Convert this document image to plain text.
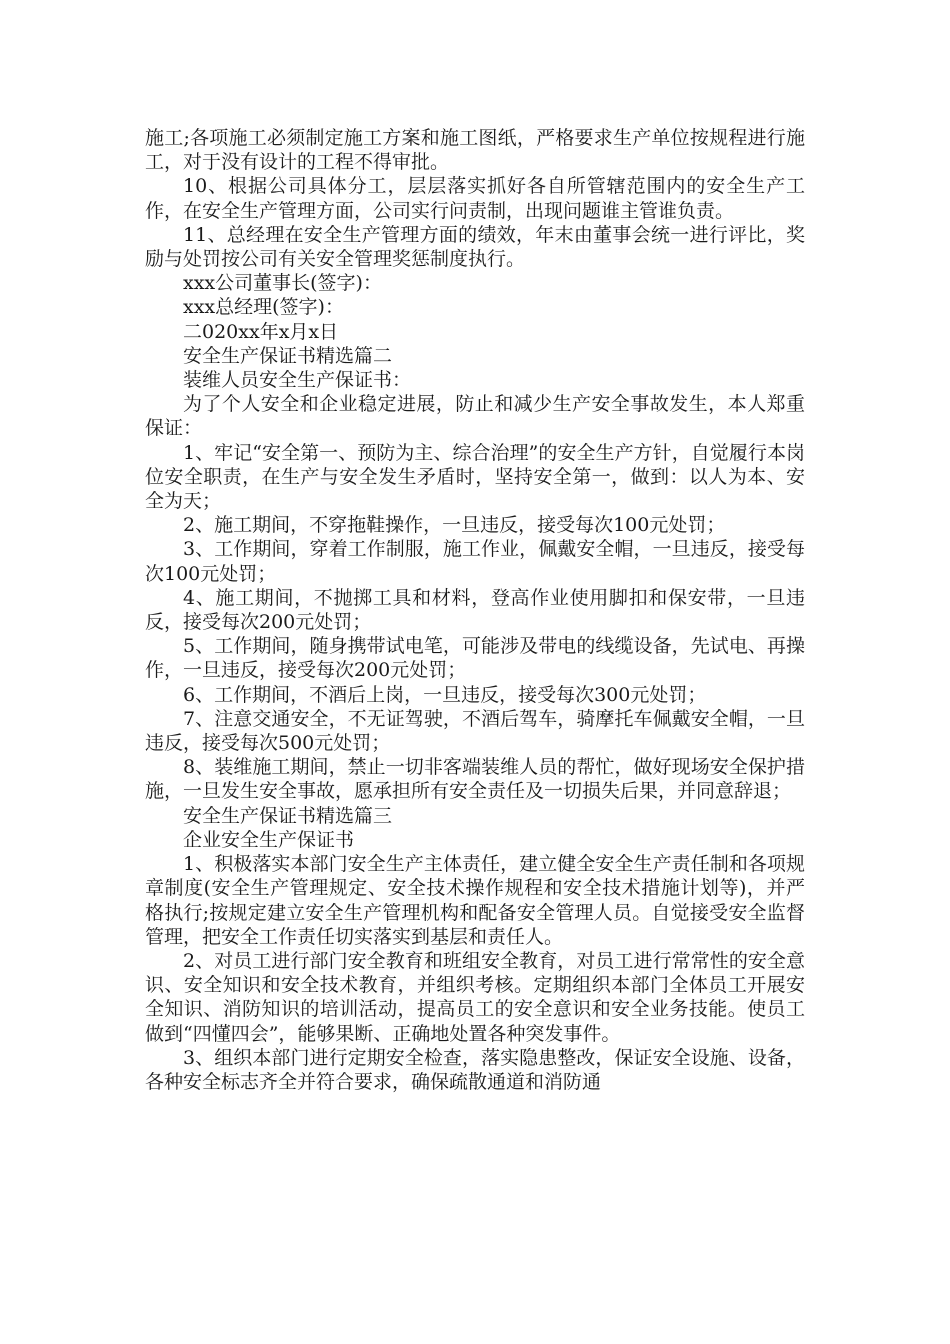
施工;各项施工必须制定施工方案和施工图纸，严格要求生产单位按规程进行施工，对于没有设计的工程不得审批。

10、根据公司具体分工，层层落实抓好各自所管辖范围内的安全生产工作，在安全生产管理方面，公司实行问责制，出现问题谁主管谁负责。

11、总经理在安全生产管理方面的绩效，年末由董事会统一进行评比，奖励与处罚按公司有关安全管理奖惩制度执行。

xxx公司董事长(签字)：

xxx总经理(签字)：

二020xx年x月x日

安全生产保证书精选篇二

装维人员安全生产保证书：

为了个人安全和企业稳定进展，防止和减少生产安全事故发生，本人郑重保证：

1、牢记“安全第一、预防为主、综合治理”的安全生产方针，自觉履行本岗位安全职责，在生产与安全发生矛盾时，坚持安全第一，做到：以人为本、安全为天；

2、施工期间，不穿拖鞋操作，一旦违反，接受每次100元处罚；

3、工作期间，穿着工作制服，施工作业，佩戴安全帽，一旦违反，接受每次100元处罚；

4、施工期间，不抛掷工具和材料，登高作业使用脚扣和保安带，一旦违反，接受每次200元处罚；

5、工作期间，随身携带试电笔，可能涉及带电的线缆设备，先试电、再操作，一旦违反，接受每次200元处罚；

6、工作期间，不酒后上岗，一旦违反，接受每次300元处罚；

7、注意交通安全，不无证驾驶，不酒后驾车，骑摩托车佩戴安全帽，一旦违反，接受每次500元处罚；

8、装维施工期间，禁止一切非客端装维人员的帮忙，做好现场安全保护措施，一旦发生安全事故，愿承担所有安全责任及一切损失后果，并同意辞退；

安全生产保证书精选篇三

企业安全生产保证书

1、积极落实本部门安全生产主体责任，建立健全安全生产责任制和各项规章制度(安全生产管理规定、安全技术操作规程和安全技术措施计划等)，并严格执行;按规定建立安全生产管理机构和配备安全管理人员。自觉接受安全监督管理，把安全工作责任切实落实到基层和责任人。

2、对员工进行部门安全教育和班组安全教育，对员工进行常常性的安全意识、安全知识和安全技术教育，并组织考核。定期组织本部门全体员工开展安全知识、消防知识的培训活动，提高员工的安全意识和安全业务技能。使员工做到“四懂四会”，能够果断、正确地处置各种突发事件。

3、组织本部门进行定期安全检查，落实隐患整改，保证安全设施、设备，各种安全标志齐全并符合要求，确保疏散通道和消防通
